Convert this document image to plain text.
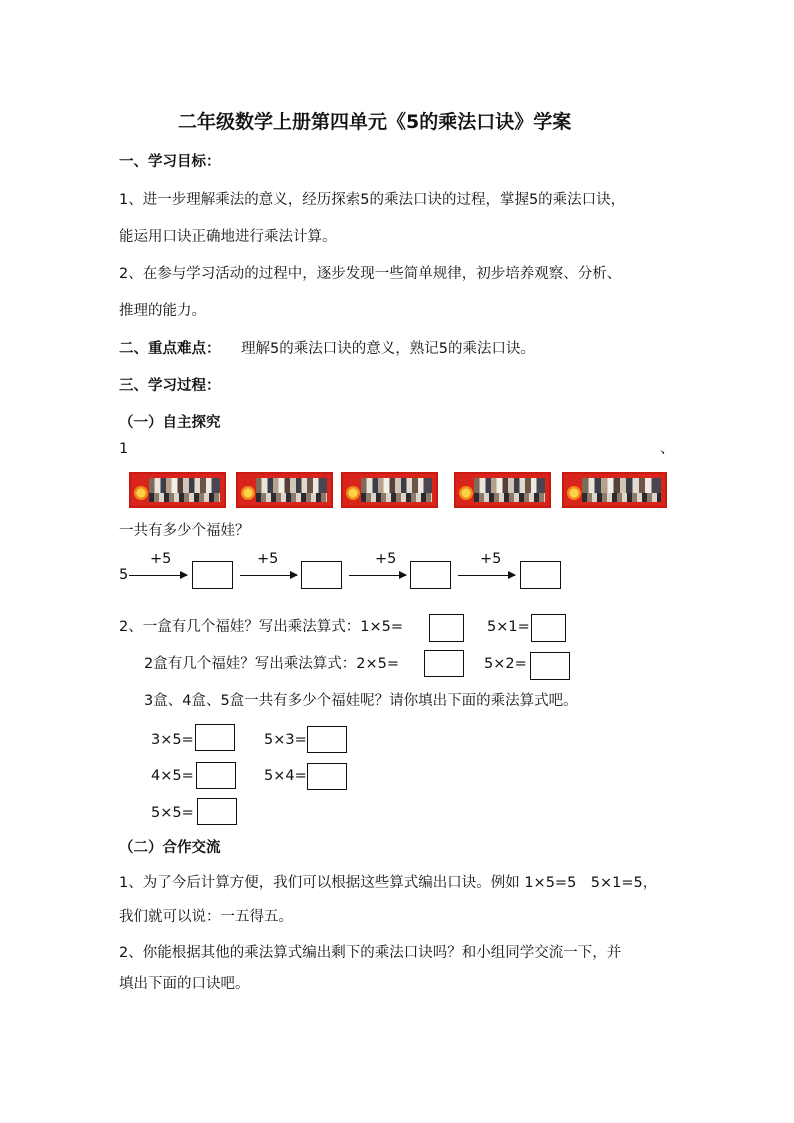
二年级数学上册第四单元《5的乘法口诀》学案
一、学习目标：
1、进一步理解乘法的意义，经历探索5的乘法口诀的过程，掌握5的乘法口诀，
能运用口诀正确地进行乘法计算。
2、在参与学习活动的过程中，逐步发现一些简单规律，初步培养观察、分析、
推理的能力。
二、重点难点： 理解5的乘法口诀的意义，熟记5的乘法口诀。
三、学习过程：
（一）自主探究
1	、
一共有多少个福娃？
5
+5	+5	+5	+5
2、一盒有几个福娃？写出乘法算式：1×5=	5×1=
2盒有几个福娃？写出乘法算式：2×5=	5×2=
3盒、4盒、5盒一共有多少个福娃呢？请你填出下面的乘法算式吧。
3×5=	5×3=
4×5=	5×4=
5×5=
（二）合作交流
1、为了今后计算方便，我们可以根据这些算式编出口诀。例如 1×5=5　5×1=5，
我们就可以说：一五得五。
2、你能根据其他的乘法算式编出剩下的乘法口诀吗？和小组同学交流一下，并
填出下面的口诀吧。
